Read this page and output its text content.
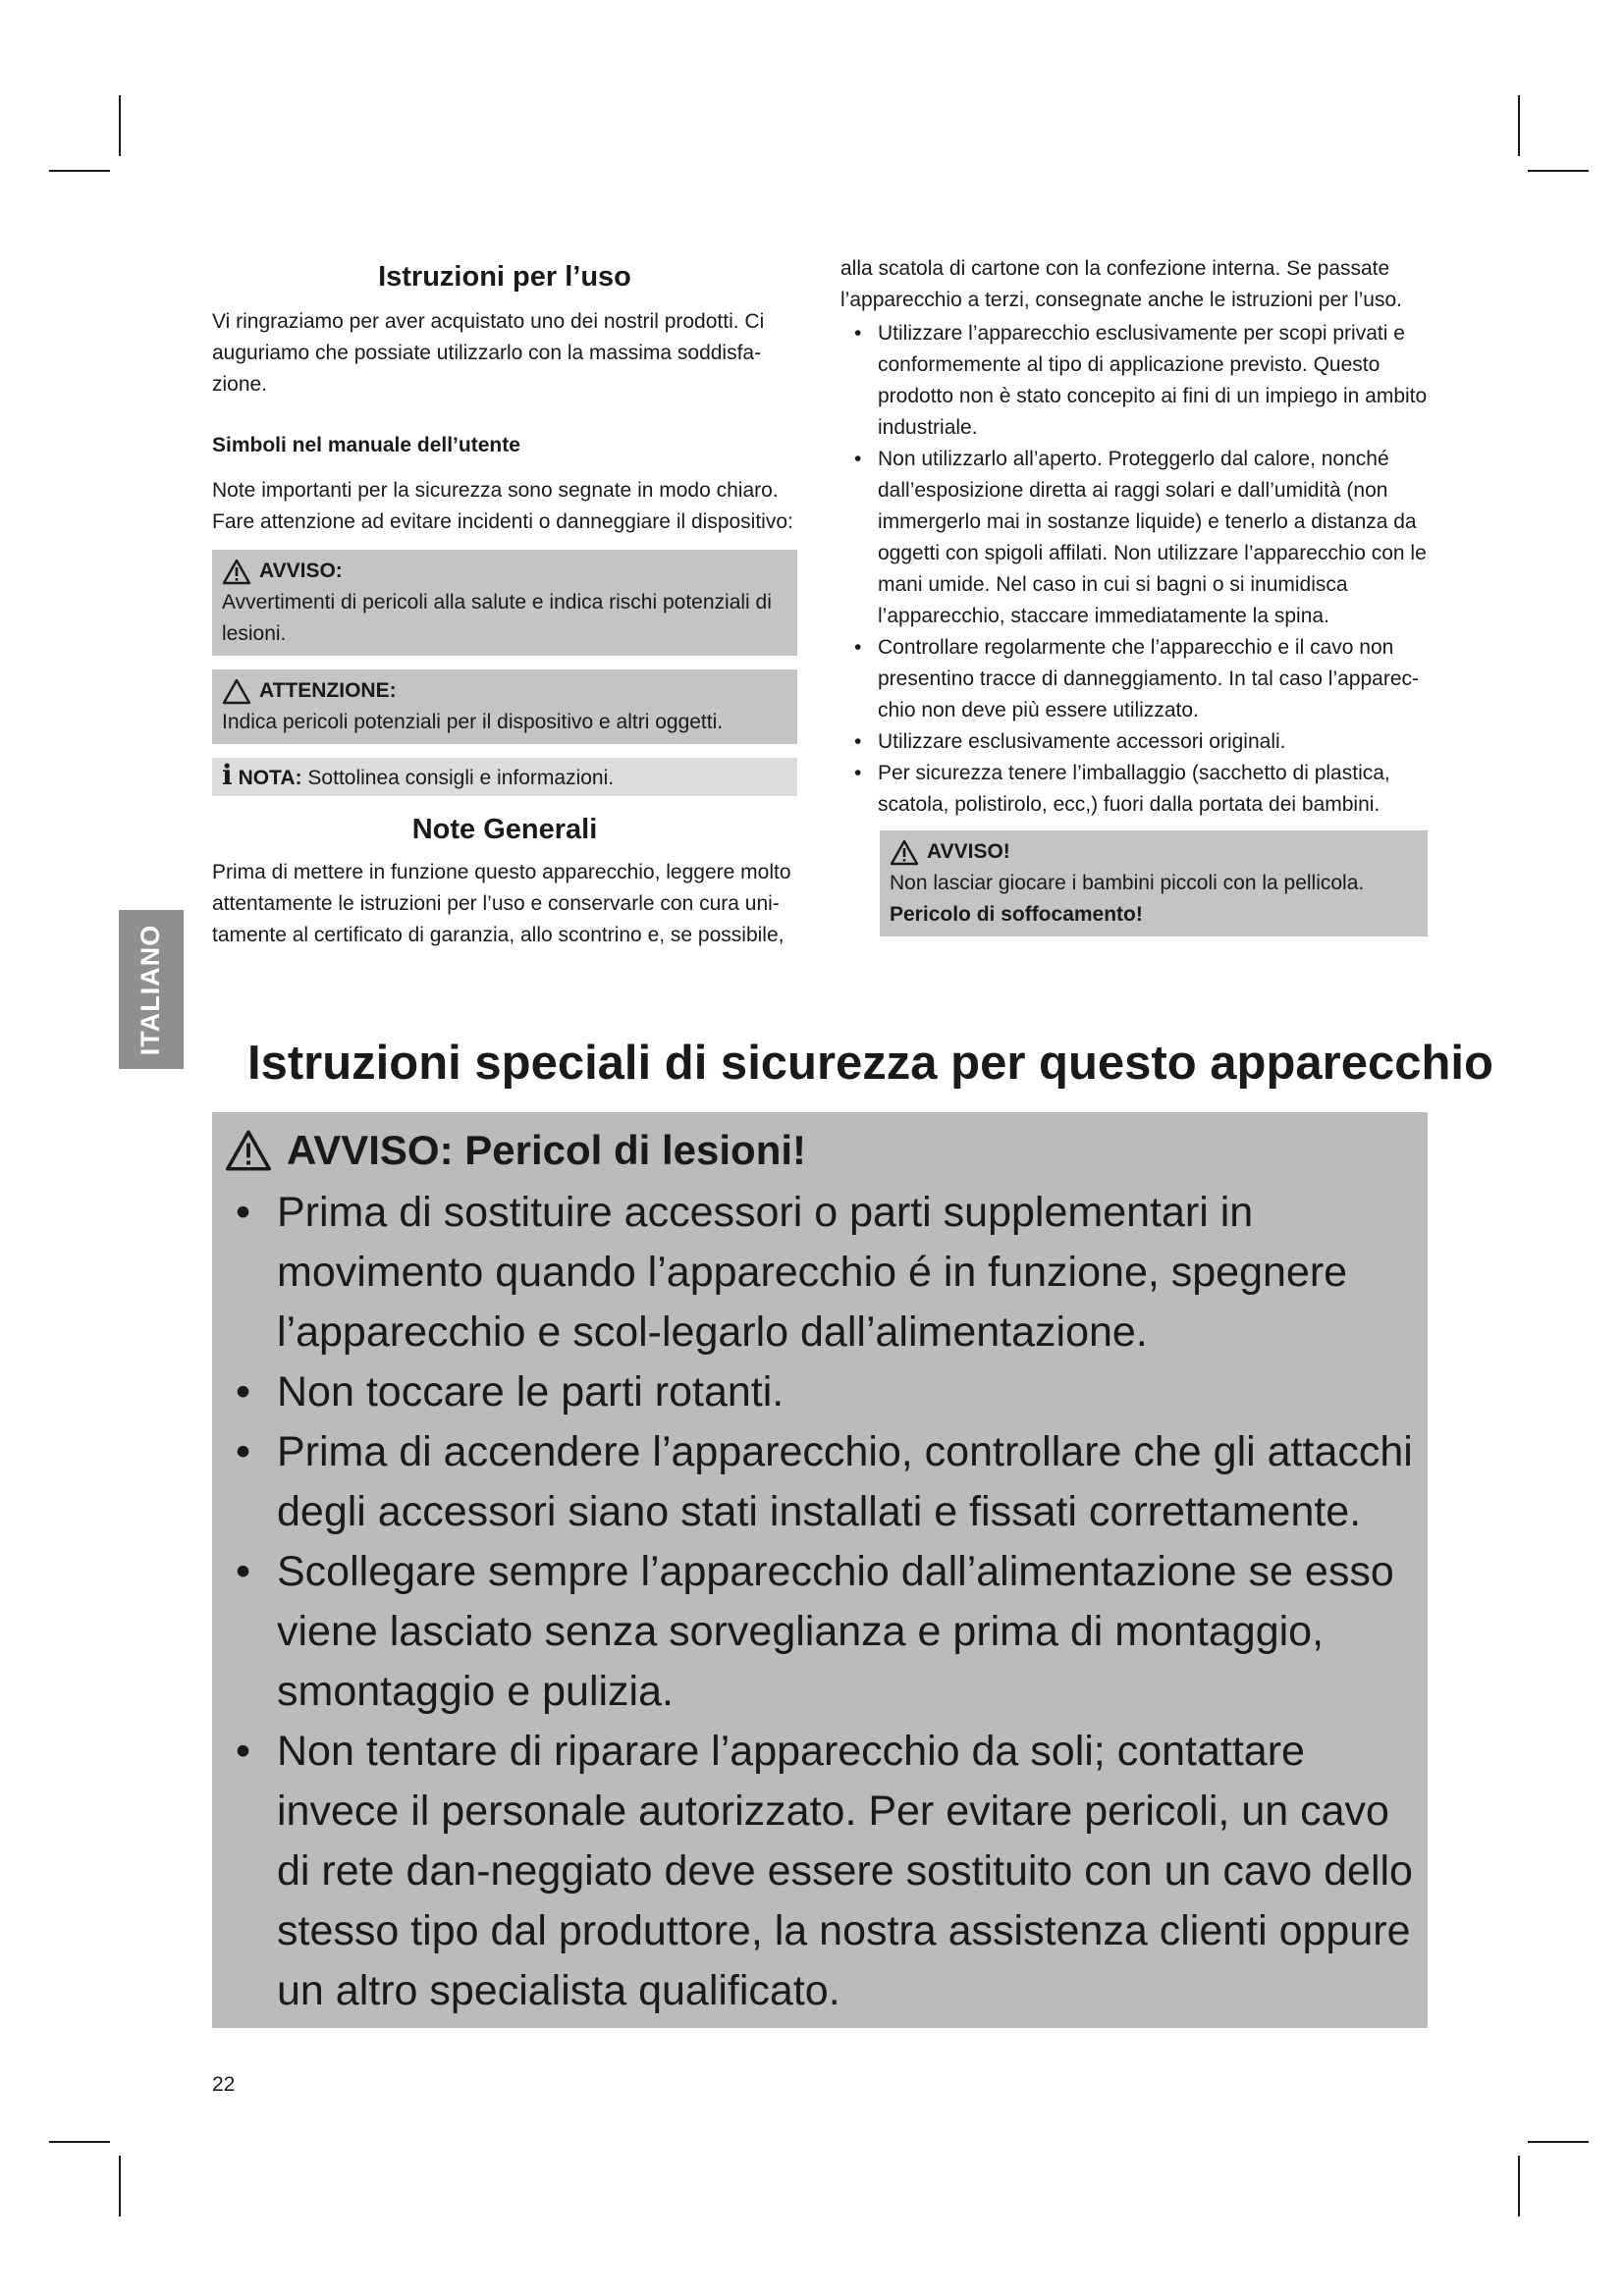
ITALIANO
Istruzioni per l’uso

Vi ringraziamo per aver acquistato uno dei nostril prodotti. Ci auguriamo che possiate utilizzarlo con la massima soddisfa-zione.

Simboli nel manuale dell’utente

Note importanti per la sicurezza sono segnate in modo chiaro. Fare attenzione ad evitare incidenti o danneggiare il dispositivo:

AVVISO:

Avvertimenti di pericoli alla salute e indica rischi potenziali di lesioni.

ATTENZIONE:

Indica pericoli potenziali per il dispositivo e altri oggetti.

i NOTA: Sottolinea consigli e informazioni.
Note Generali

Prima di mettere in funzione questo apparecchio, leggere molto attentamente le istruzioni per l’uso e conservarle con cura uni-tamente al certificato di garanzia, allo scontrino e, se possibile,

alla scatola di cartone con la confezione interna. Se passate l’apparecchio a terzi, consegnate anche le istruzioni per l’uso.

• Utilizzare l’apparecchio esclusivamente per scopi privati e conformemente al tipo di applicazione previsto. Questo prodotto non è stato concepito ai fini di un impiego in ambito industriale.
• Non utilizzarlo all’aperto. Proteggerlo dal calore, nonché dall’esposizione diretta ai raggi solari e dall’umidità (non immergerlo mai in sostanze liquide) e tenerlo a distanza da oggetti con spigoli affilati. Non utilizzare l’apparecchio con le mani umide. Nel caso in cui si bagni o si inumidisca l’apparecchio, staccare immediatamente la spina.
• Controllare regolarmente che l’apparecchio e il cavo non presentino tracce di danneggiamento. In tal caso l’apparec-chio non deve più essere utilizzato.
• Utilizzare esclusivamente accessori originali.
• Per sicurezza tenere l’imballaggio (sacchetto di plastica, scatola, polistirolo, ecc,) fuori dalla portata dei bambini.
AVVISO!

Non lasciar giocare i bambini piccoli con la pellicola.

Pericolo di soffocamento!

Istruzioni speciali di sicurezza per questo apparecchio
AVVISO: Pericol di lesioni!
• Prima di sostituire accessori o parti supplementari in movimento quando l’apparecchio é in funzione, spegnere l’apparecchio e scol-legarlo dall’alimentazione.
• Non toccare le parti rotanti.
• Prima di accendere l’apparecchio, controllare che gli attacchi degli accessori siano stati installati e fissati correttamente.
• Scollegare sempre l’apparecchio dall’alimentazione se esso viene lasciato senza sorveglianza e prima di montaggio, smontaggio e pulizia.
• Non tentare di riparare l’apparecchio da soli; contattare invece il personale autorizzato. Per evitare pericoli, un cavo di rete dan-neggiato deve essere sostituito con un cavo dello stesso tipo dal produttore, la nostra assistenza clienti oppure un altro specialista qualificato.
22
